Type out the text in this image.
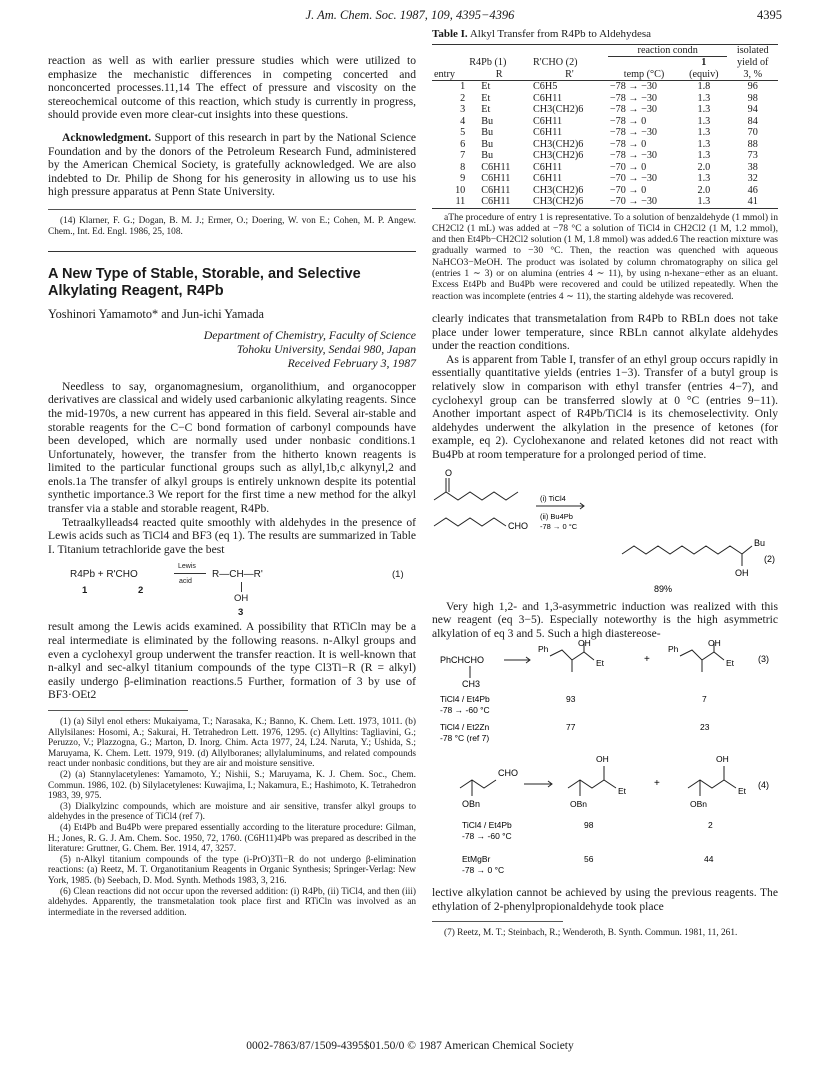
J. Am. Chem. Soc. 1987, 109, 4395−4396	4395

reaction as well as with earlier pressure studies which were utilized to emphasize the mechanistic differences in competing concerted and nonconcerted processes.11,14 The effect of pressure and viscosity on the stereochemical outcome of this reaction, which study is currently in progress, should provide even more clear-cut insights into these questions.

Acknowledgment. Support of this research in part by the National Science Foundation and by the donors of the Petroleum Research Fund, administered by the American Chemical Society, is gratefully acknowledged. We are also indebted to Dr. Philip de Shong for his generosity in allowing us to use his high pressure apparatus at Penn State University.

(14) Klarner, F. G.; Dogan, B. M. J.; Ermer, O.; Doering, W. von E.; Cohen, M. P. Angew. Chem., Int. Ed. Engl. 1986, 25, 108.

A New Type of Stable, Storable, and Selective
Alkylating Reagent, R4Pb
Yoshinori Yamamoto* and Jun-ichi Yamada
Department of Chemistry, Faculty of Science
Tohoku University, Sendai 980, Japan
Received February 3, 1987

Needless to say, organomagnesium, organolithium, and organocopper derivatives are classical and widely used carbanionic alkylating reagents. Since the mid-1970s, a new current has appeared in this field. Several air-stable and storable reagents for the C−C bond formation of carbonyl compounds have been developed, which are normally used under nonbasic conditions.1 Unfortunately, however, the transfer from the hitherto known reagents is limited to the particular functional groups such as allyl,1b,c alkynyl,2 and enols.1a The transfer of alkyl groups is entirely unknown despite its potential synthetic importance.3 We report for the first time a new method for the alkyl transfer via a stable and storable reagent, R4Pb.

Tetraalkylleads4 reacted quite smoothly with aldehydes in the presence of Lewis acids such as TiCl4 and BF3 (eq 1). The results are summarized in Table I. Titanium tetrachloride gave the best

R4Pb + R'CHO
Lewis
acid
R—CH—R'
OH
(1)
1	2
3

result among the Lewis acids examined. A possibility that RTiCln may be a real intermediate is eliminated by the following reasons. n-Alkyl groups and even a cyclohexyl group underwent the transfer reaction. It is well-known that n-alkyl and sec-alkyl titanium compounds of the type Cl3Ti−R (R = alkyl) easily undergo β-elimination reactions.5 Further, formation of 3 by use of BF3·OEt2

(1) (a) Silyl enol ethers: Mukaiyama, T.; Narasaka, K.; Banno, K. Chem. Lett. 1973, 1011. (b) Allylsilanes: Hosomi, A.; Sakurai, H. Tetrahedron Lett. 1976, 1295. (c) Allyltins: Tagliavini, G.; Peruzzo, V.; Plazzogna, G.; Marton, D. Inorg. Chim. Acta 1977, 24, L24. Naruta, Y.; Ushida, S.; Maruyama, K. Chem. Lett. 1979, 919. (d) Allylboranes; allylaluminums, and related compounds react under nonbasic conditions, but they are air and moisture sensitive.

(2) (a) Stannylacetylenes: Yamamoto, Y.; Nishii, S.; Maruyama, K. J. Chem. Soc., Chem. Commun. 1986, 102. (b) Silylacetylenes: Kuwajima, I.; Nakamura, E.; Hashimoto, K. Tetrahedron 1983, 39, 975.

(3) Dialkylzinc compounds, which are moisture and air sensitive, transfer alkyl groups to aldehydes in the presence of TiCl4 (ref 7).

(4) Et4Pb and Bu4Pb were prepared essentially according to the literature procedure: Gilman, H.; Jones, R. G. J. Am. Chem. Soc. 1950, 72, 1760. (C6H11)4Pb was prepared as described in the literature: Gruttner, G. Chem. Ber. 1914, 47, 3257.

(5) n-Alkyl titanium compounds of the type (i-PrO)3Ti−R do not undergo β-elimination reactions: (a) Reetz, M. T. Organotitanium Reagents in Organic Synthesis; Springer-Verlag: New York, 1985. (b) Seebach, D. Mod. Synth. Methods 1983, 3, 216.

(6) Clean reactions did not occur upon the reversed addition: (i) R4Pb, (ii) TiCl4, and then (iii) aldehydes. Apparently, the transmetalation took place first and RTiCln was involved as an intermediate in the reversed addition.

Table I. Alkyl Transfer from R4Pb to Aldehydesa
			reaction condn		isolated
	R4Pb (1)	R'CHO (2)		1	yield of
entry	R	R'	temp (°C)	(equiv)	3, %
1	Et	C6H5	−78 → −30	1.8	96
2	Et	C6H11	−78 → −30	1.3	98
3	Et	CH3(CH2)6	−78 → −30	1.3	94
4	Bu	C6H11	−78 → 0	1.3	84
5	Bu	C6H11	−78 → −30	1.3	70
6	Bu	CH3(CH2)6	−78 → 0	1.3	88
7	Bu	CH3(CH2)6	−78 → −30	1.3	73
8	C6H11	C6H11	−70 → 0	2.0	38
9	C6H11	C6H11	−70 → −30	1.3	32
10	C6H11	CH3(CH2)6	−70 → 0	2.0	46
11	C6H11	CH3(CH2)6	−70 → −30	1.3	41

aThe procedure of entry 1 is representative. To a solution of benzaldehyde (1 mmol) in CH2Cl2 (1 mL) was added at −78 °C a solution of TiCl4 in CH2Cl2 (1 M, 1.2 mmol), and then Et4Pb−CH2Cl2 solution (1 M, 1.8 mmol) was added.6 The reaction mixture was gradually warmed to −30 °C. Then, the reaction was quenched with aqueous NaHCO3−MeOH. The product was isolated by column chromatography on silica gel (entries 1 ∼ 3) or on alumina (entries 4 ∼ 11), by using n-hexane−ether as an eluant. Excess Et4Pb and Bu4Pb were recovered and could be utilized repeatedly. When the reaction was incomplete (entries 4 ∼ 11), the starting aldehyde was recovered.

clearly indicates that transmetalation from R4Pb to RBLn does not take place under lower temperature, since RBLn cannot alkylate aldehydes under the reaction conditions.

As is apparent from Table I, transfer of an ethyl group occurs rapidly in essentially quantitative yields (entries 1−3). Transfer of a butyl group is relatively slow in comparison with ethyl transfer (entries 4−7), and cyclohexyl group can be transferred slowly at 0 °C (entries 9−11). Another important aspect of R4Pb/TiCl4 is its chemoselectivity. Only aldehydes underwent the alkylation in the presence of ketones (for example, eq 2). Cyclohexanone and related ketones did not react with Bu4Pb at room temperature for a prolonged period of time.

O
CHO
(i) TiCl4
(ii) Bu4Pb
-78 → 0 °C
Bu
OH
(2)
89%

Very high 1,2- and 1,3-asymmetric induction was realized with this new reagent (eq 3−5). Especially noteworthy is the high asymmetric alkylation of eq 3 and 5. Such a high diastereose-

PhCHCHO
CH3
OH	OH
Ph	Ph
Et	Et
+	(3)
TiCl4 / Et4Pb
-78 → -60 °C
93	7
TiCl4 / Et2Zn
-78 °C (ref 7)
77	23
CHO
OBn
OH	OH
Et	Et
OBn	OBn
+	(4)
TiCl4 / Et4Pb
-78 → -60 °C
98	2
EtMgBr
-78 → 0 °C
56	44

lective alkylation cannot be achieved by using the previous reagents. The ethylation of 2-phenylpropionaldehyde took place

(7) Reetz, M. T.; Steinbach, R.; Wenderoth, B. Synth. Commun. 1981, 11, 261.

0002-7863/87/1509-4395$01.50/0 © 1987 American Chemical Society
